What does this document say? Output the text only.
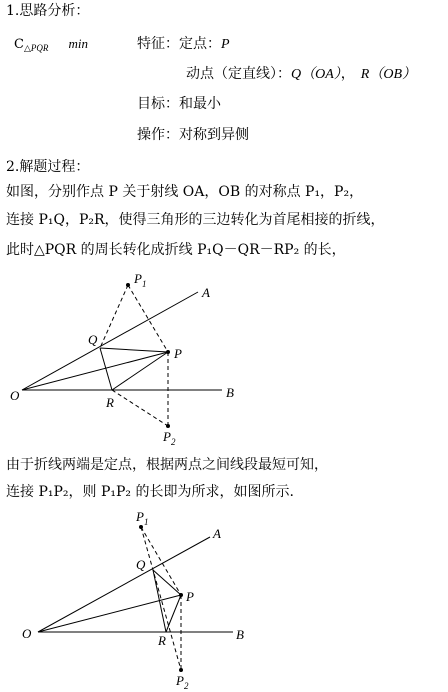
1.思路分析：
$C_{\triangle PQR}$ min	特征：定点：P
动点（定直线）：Q（OA）， R（OB）
目标：和最小
操作：对称到异侧
2.解题过程：
如图，分别作点 P 关于射线 OA，OB 的对称点 P₁，P₂，
连接 P₁Q，P₂R，使得三角形的三边转化为首尾相接的折线，
此时△PQR 的周长转化成折线 P₁Q－QR－RP₂ 的长，
O
A
B
P
Q
R
$P_1$
$P_2$
由于折线两端是定点，根据两点之间线段最短可知，
连接 P₁P₂，则 P₁P₂ 的长即为所求，如图所示.
O
A
B
P
Q
R
$P_1$
$P_2$
